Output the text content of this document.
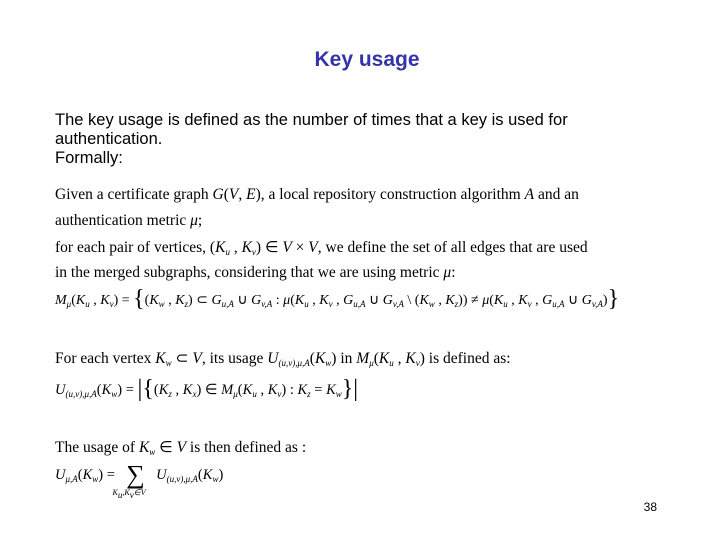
Key usage
The key usage is defined as the number of times that a key is used for
authentication.
Formally:
Given a certificate graph G(V, E), a local repository construction algorithm A and an
authentication metric μ;
for each pair of vertices, ($K_u$ , $K_v$) ∈ V × V, we define the set of all edges that are used
in the merged subgraphs, considering that we are using metric μ:
$M_\mu(K_u$ , $K_v) = \{(K_w$ , $K_z$) ⊂ $G_{u,A}$ ∪ $G_{v,A}$ : $\mu(K_u$ , $K_v$ , $G_{u,A}$ ∪ $G_{v,A}$ \ ($K_w$ , $K_z)) \ne \mu(K_u$ , $K_v$ , $G_{u,A}$ ∪ $G_{v,A}$)}
For each vertex $K_w$ ⊂ V, its usage $U_{(u,v),\mu,A}(K_w)$ in $M_\mu(K_u$ , $K_v$) is defined as:
$U_{(u,v),\mu,A}(K_w) = |\{(K_z$ , $K_x$) ∈ $M_\mu(K_u$ , $K_v$) : $K_z = K_w\}|$
The usage of $K_w$ ∈ V is then defined as :
$U_{\mu,A}(K_w)$ = ∑
$K_u,K_v\in V$
$U_{(u,v),\mu,A}(K_w)$
38
